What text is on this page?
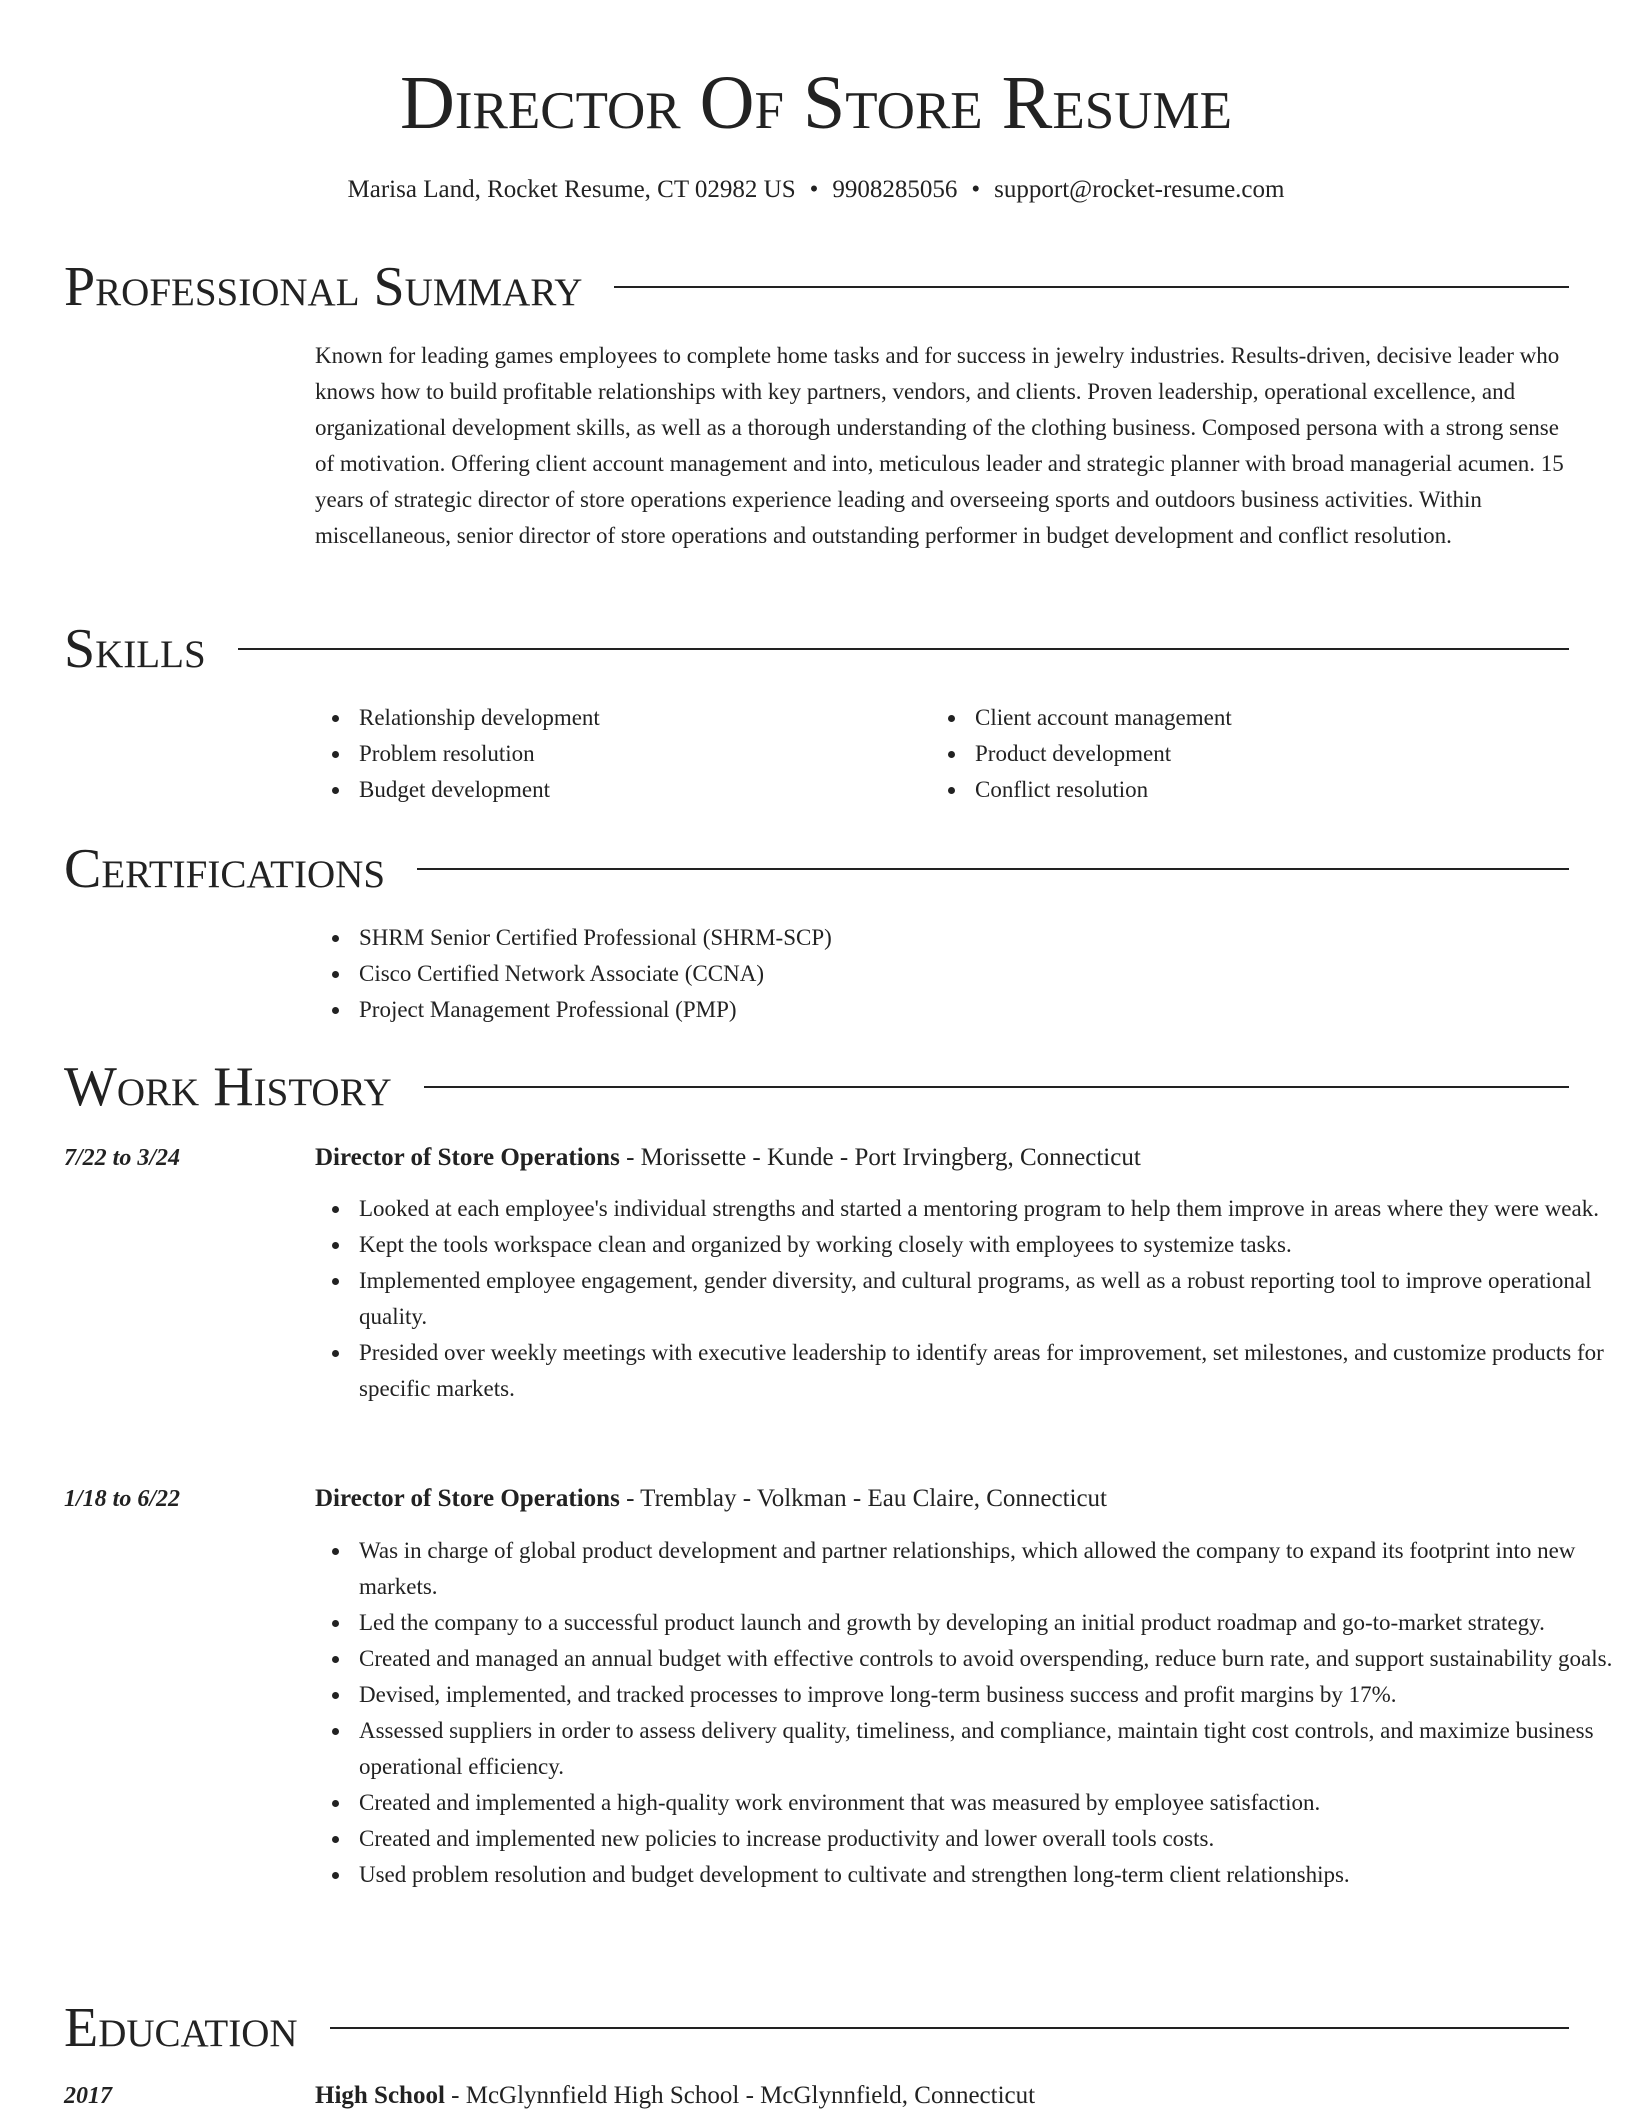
Director Of Store Resume
Marisa Land, Rocket Resume, CT 02982 US • 9908285056 • support@rocket-resume.com
Professional Summary

Known for leading games employees to complete home tasks and for success in jewelry industries. Results-driven, decisive leader who knows how to build profitable relationships with key partners, vendors, and clients. Proven leadership, operational excellence, and organizational development skills, as well as a thorough understanding of the clothing business. Composed persona with a strong sense of motivation. Offering client account management and into, meticulous leader and strategic planner with broad managerial acumen. 15 years of strategic director of store operations experience leading and overseeing sports and outdoors business activities. Within miscellaneous, senior director of store operations and outstanding performer in budget development and conflict resolution.

Skills
Relationship development
Problem resolution
Budget development
Client account management
Product development
Conflict resolution
Certifications
SHRM Senior Certified Professional (SHRM-SCP)
Cisco Certified Network Associate (CCNA)
Project Management Professional (PMP)
Work History
7/22 to 3/24	Director of Store Operations - Morissette - Kunde - Port Irvingberg, Connecticut
Looked at each employee's individual strengths and started a mentoring program to help them improve in areas where they were weak.
Kept the tools workspace clean and organized by working closely with employees to systemize tasks.
Implemented employee engagement, gender diversity, and cultural programs, as well as a robust reporting tool to improve operational quality.
Presided over weekly meetings with executive leadership to identify areas for improvement, set milestones, and customize products for specific markets.
1/18 to 6/22	Director of Store Operations - Tremblay - Volkman - Eau Claire, Connecticut
Was in charge of global product development and partner relationships, which allowed the company to expand its footprint into new markets.
Led the company to a successful product launch and growth by developing an initial product roadmap and go-to-market strategy.
Created and managed an annual budget with effective controls to avoid overspending, reduce burn rate, and support sustainability goals.
Devised, implemented, and tracked processes to improve long-term business success and profit margins by 17%.
Assessed suppliers in order to assess delivery quality, timeliness, and compliance, maintain tight cost controls, and maximize business operational efficiency.
Created and implemented a high-quality work environment that was measured by employee satisfaction.
Created and implemented new policies to increase productivity and lower overall tools costs.
Used problem resolution and budget development to cultivate and strengthen long-term client relationships.
Education
2017	High School - McGlynnfield High School - McGlynnfield, Connecticut
